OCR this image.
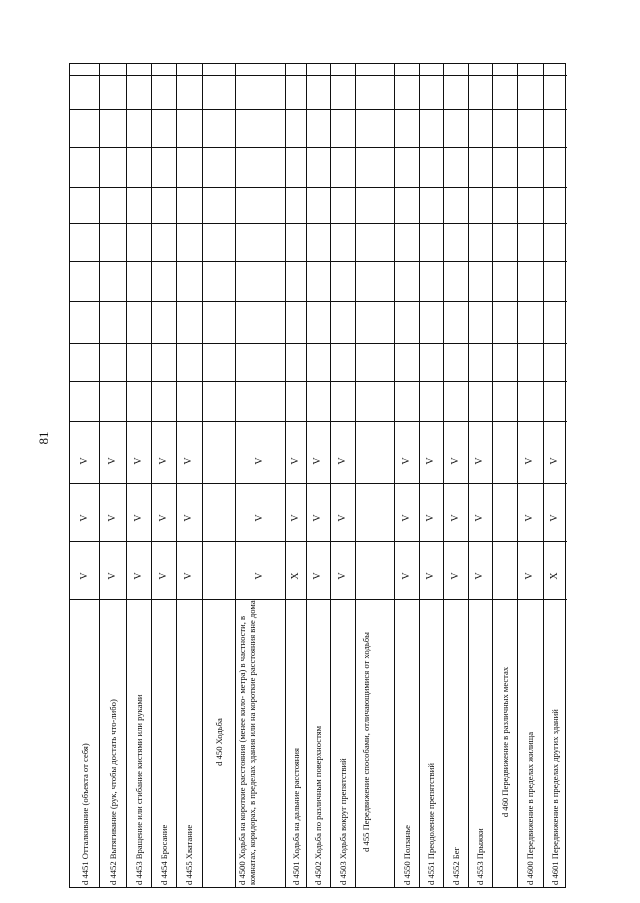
81
d 4451 Отталкивание (объекта от себя)
V
V
V
d 4452 Вытягивание (рук, чтобы достать что-либо)
V
V
V
d 4453 Вращение или сгибание кистями или руками
V
V
V
d 4454 Бросание
V
V
V
d 4455 Хватание
V
V
V
d 450 Ходьба d 4500 Ходьба на короткие расстояния (менее кило- метра) в частности, в комнатах, коридорах, в пределах здания или на короткие расстояния вне дома
V
V
V
d 4501 Ходьба на дальние расстояния
X
V
V
d 4502 Ходьба по различным поверхностям
V
V
V
d 4503 Ходьба вокруг препятствий
V
V
V
d 455 Передвижение способами, отличающимися от ходьбы
d 4550 Ползанье
V
V
V
d 4551 Преодоление препятствий
V
V
V
d 4552 Бег
V
V
V
d 4553 Прыжки
V
V
V
d 460 Передвижение в различных местах d 4600 Передвижение в пределах жилища
V
V
V
d 4601 Передвижение в пределах других зданий
X
V
V
